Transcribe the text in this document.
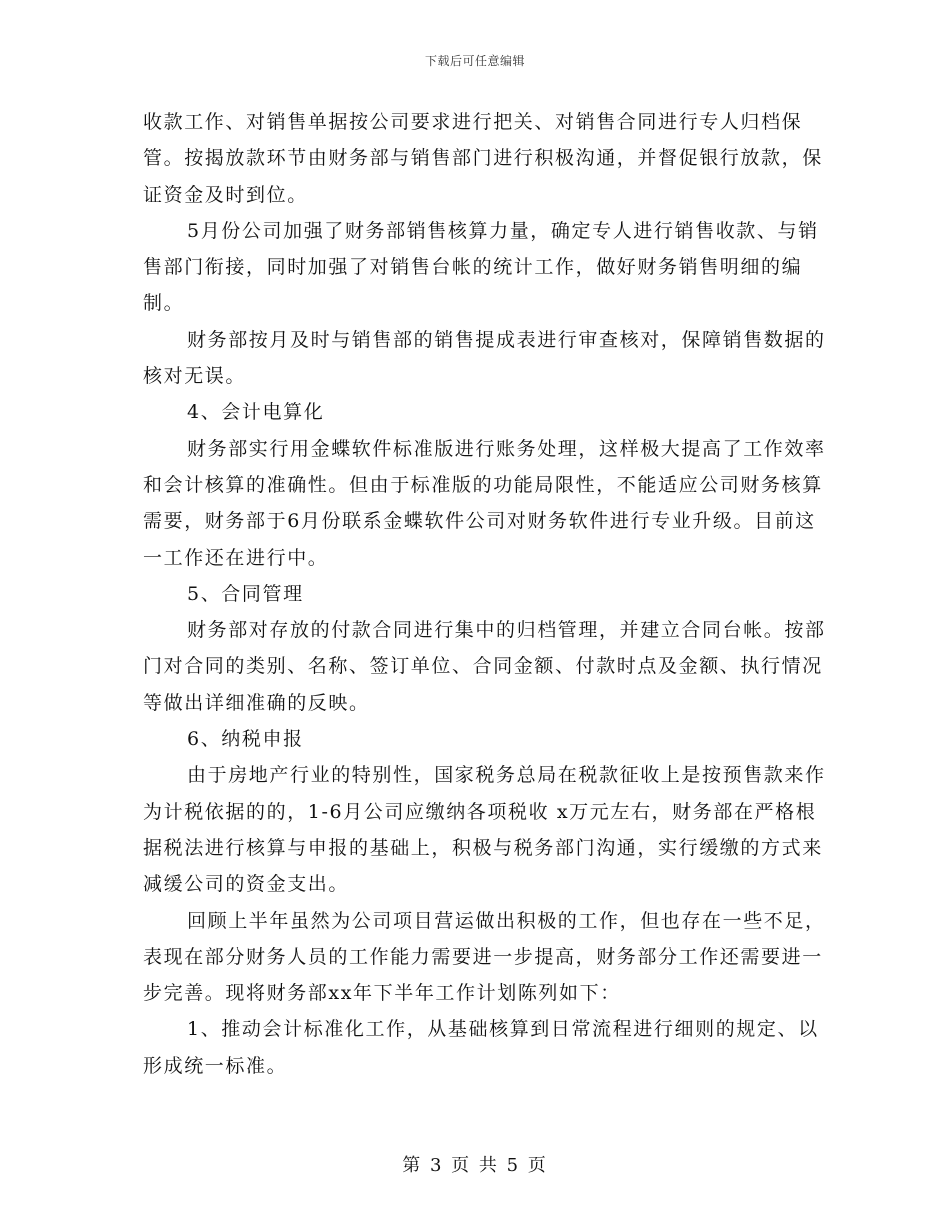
下载后可任意编辑

收款工作、对销售单据按公司要求进行把关、对销售合同进行专人归档保管。按揭放款环节由财务部与销售部门进行积极沟通，并督促银行放款，保证资金及时到位。

5月份公司加强了财务部销售核算力量，确定专人进行销售收款、与销售部门衔接，同时加强了对销售台帐的统计工作，做好财务销售明细的编制。

财务部按月及时与销售部的销售提成表进行审查核对，保障销售数据的核对无误。

4、会计电算化

财务部实行用金蝶软件标准版进行账务处理，这样极大提高了工作效率和会计核算的准确性。但由于标准版的功能局限性，不能适应公司财务核算需要，财务部于6月份联系金蝶软件公司对财务软件进行专业升级。目前这一工作还在进行中。

5、合同管理

财务部对存放的付款合同进行集中的归档管理，并建立合同台帐。按部门对合同的类别、名称、签订单位、合同金额、付款时点及金额、执行情况等做出详细准确的反映。

6、纳税申报

由于房地产行业的特别性，国家税务总局在税款征收上是按预售款来作为计税依据的的，1-6月公司应缴纳各项税收 x万元左右，财务部在严格根据税法进行核算与申报的基础上，积极与税务部门沟通，实行缓缴的方式来减缓公司的资金支出。

回顾上半年虽然为公司项目营运做出积极的工作，但也存在一些不足，表现在部分财务人员的工作能力需要进一步提高，财务部分工作还需要进一步完善。现将财务部xx年下半年工作计划陈列如下：

1、推动会计标准化工作，从基础核算到日常流程进行细则的规定、以形成统一标准。

第 3 页 共 5 页
